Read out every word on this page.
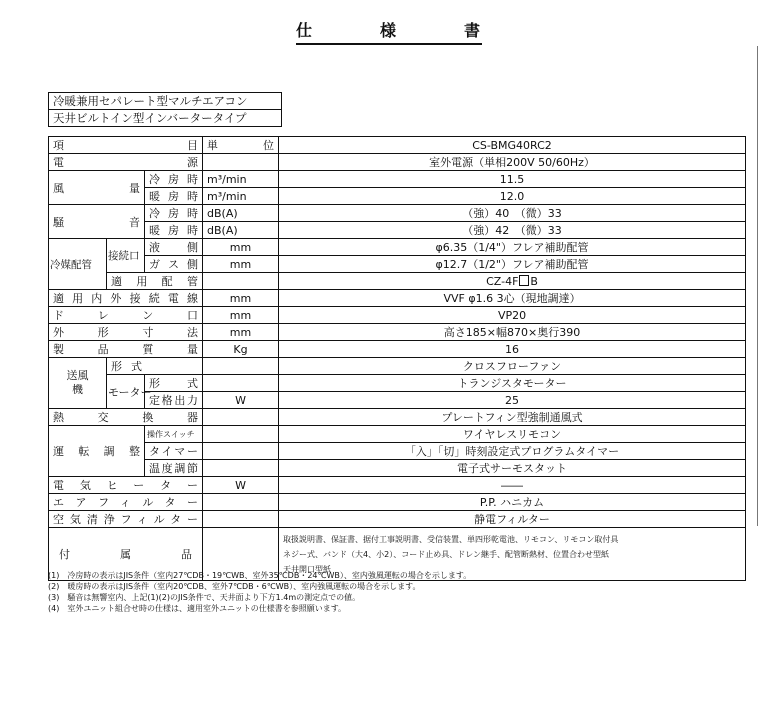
仕	様	書
冷暖兼用セパレート型マルチエアコン
天井ビルトイン型インバータータイプ
項目			単位	CS-BMG40RC2
電源				室外電源（単相200V 50/60Hz）
風量		冷房時	m³/min	11.5
		暖房時	m³/min	12.0
騒音		冷房時	dB(A)	（強）40　（微）33
		暖房時	dB(A)	（強）42　（微）33
冷媒配管	接続口	液側	mm	φ6.35（1/4"）フレア補助配管
		ガス側	mm	φ12.7（1/2"）フレア補助配管
	適用配管			CZ-4F B
適用内外接続電線			mm	VVF φ1.6 3心（現地調達）
ドレン口			mm	VP20
外形寸法			mm	高さ185×幅870×奥行390
製品質量			Kg	16
送風機	形式			クロスフローファン
	モーター	形式		トランジスタモーター
		定格出力	W	25
熱交換器				プレートフィン型強制通風式
運転調整		操作スイッチ		ワイヤレスリモコン
		タイマー		「入」「切」時刻設定式プログラムタイマー
		温度調節		電子式サーモスタット
電気ヒーター			W	――
エアフィルター				P.P. ハニカム
空気清浄フィルター				静電フィルター
付属品				取扱説明書、保証書、据付工事説明書、受信装置、単四形乾電池、リモコン、リモコン取付具
ネジー式、バンド（大4、小2）、コード止め具、ドレン継手、配管断熱材、位置合わせ型紙
天井開口型紙
(1)　冷房時の表示はJIS条件（室内27℃DB・19℃WB、室外35℃DB・24℃WB）、室内強風運転の場合を示します。
(2)　暖房時の表示はJIS条件（室内20℃DB、室外7℃DB・6℃WB）、室内強風運転の場合を示します。
(3)　騒音は無響室内、上記(1)(2)のJIS条件で、天井面より下方1.4mの測定点での値。
(4)　室外ユニット組合せ時の仕様は、適用室外ユニットの仕様書を参照願います。
